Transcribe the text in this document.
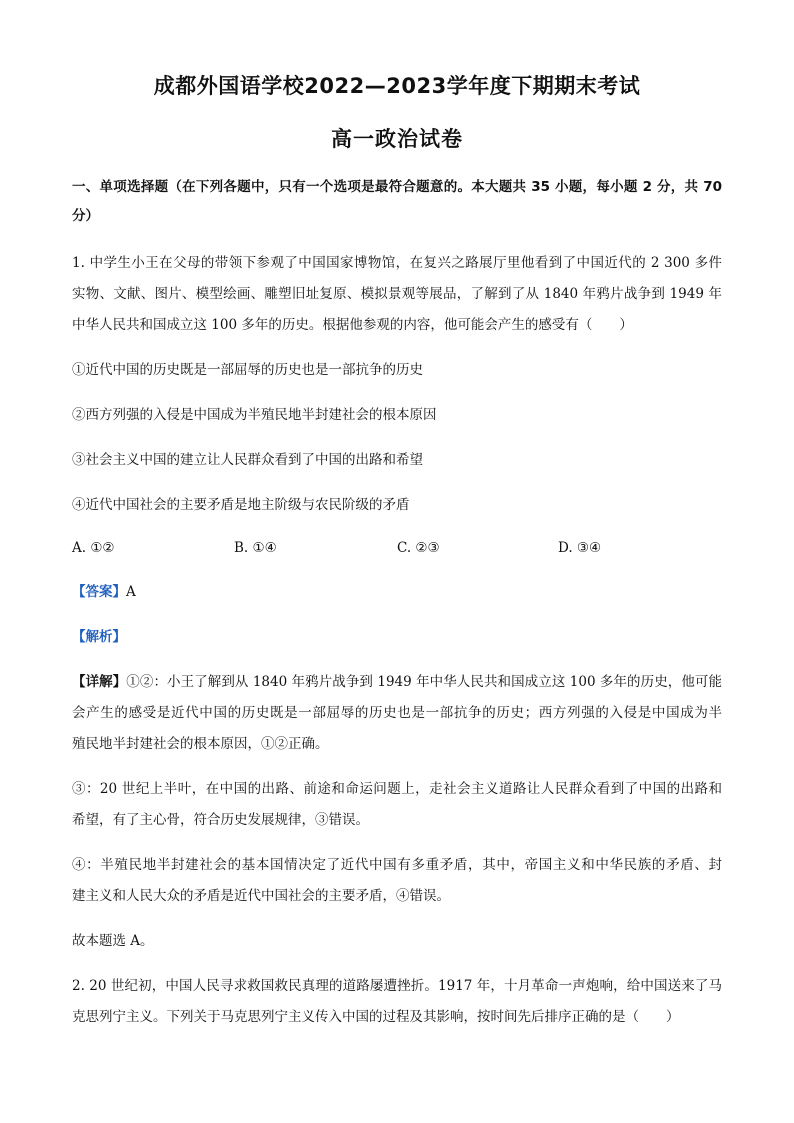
成都外国语学校2022—2023学年度下期期末考试
高一政治试卷
一、单项选择题（在下列各题中，只有一个选项是最符合题意的。本大题共 35 小题，每小题 2 分，共 70
分）
1. 中学生小王在父母的带领下参观了中国国家博物馆，在复兴之路展厅里他看到了中国近代的 2 300 多件
实物、文献、图片、模型绘画、雕塑旧址复原、模拟景观等展品，了解到了从 1840 年鸦片战争到 1949 年
中华人民共和国成立这 100 多年的历史。根据他参观的内容，他可能会产生的感受有（　　）
①近代中国的历史既是一部屈辱的历史也是一部抗争的历史
②西方列强的入侵是中国成为半殖民地半封建社会的根本原因
③社会主义中国的建立让人民群众看到了中国的出路和希望
④近代中国社会的主要矛盾是地主阶级与农民阶级的矛盾
A. ①②	B. ①④	C. ②③	D. ③④
【答案】A
【解析】
【详解】①②：小王了解到从 1840 年鸦片战争到 1949 年中华人民共和国成立这 100 多年的历史，他可能
会产生的感受是近代中国的历史既是一部屈辱的历史也是一部抗争的历史；西方列强的入侵是中国成为半
殖民地半封建社会的根本原因，①②正确。
③：20 世纪上半叶，在中国的出路、前途和命运问题上，走社会主义道路让人民群众看到了中国的出路和
希望，有了主心骨，符合历史发展规律，③错误。
④：半殖民地半封建社会的基本国情决定了近代中国有多重矛盾，其中，帝国主义和中华民族的矛盾、封
建主义和人民大众的矛盾是近代中国社会的主要矛盾，④错误。
故本题选 A。
2. 20 世纪初，中国人民寻求救国救民真理的道路屡遭挫折。1917 年，十月革命一声炮响，给中国送来了马
克思列宁主义。下列关于马克思列宁主义传入中国的过程及其影响，按时间先后排序正确的是（　　）
